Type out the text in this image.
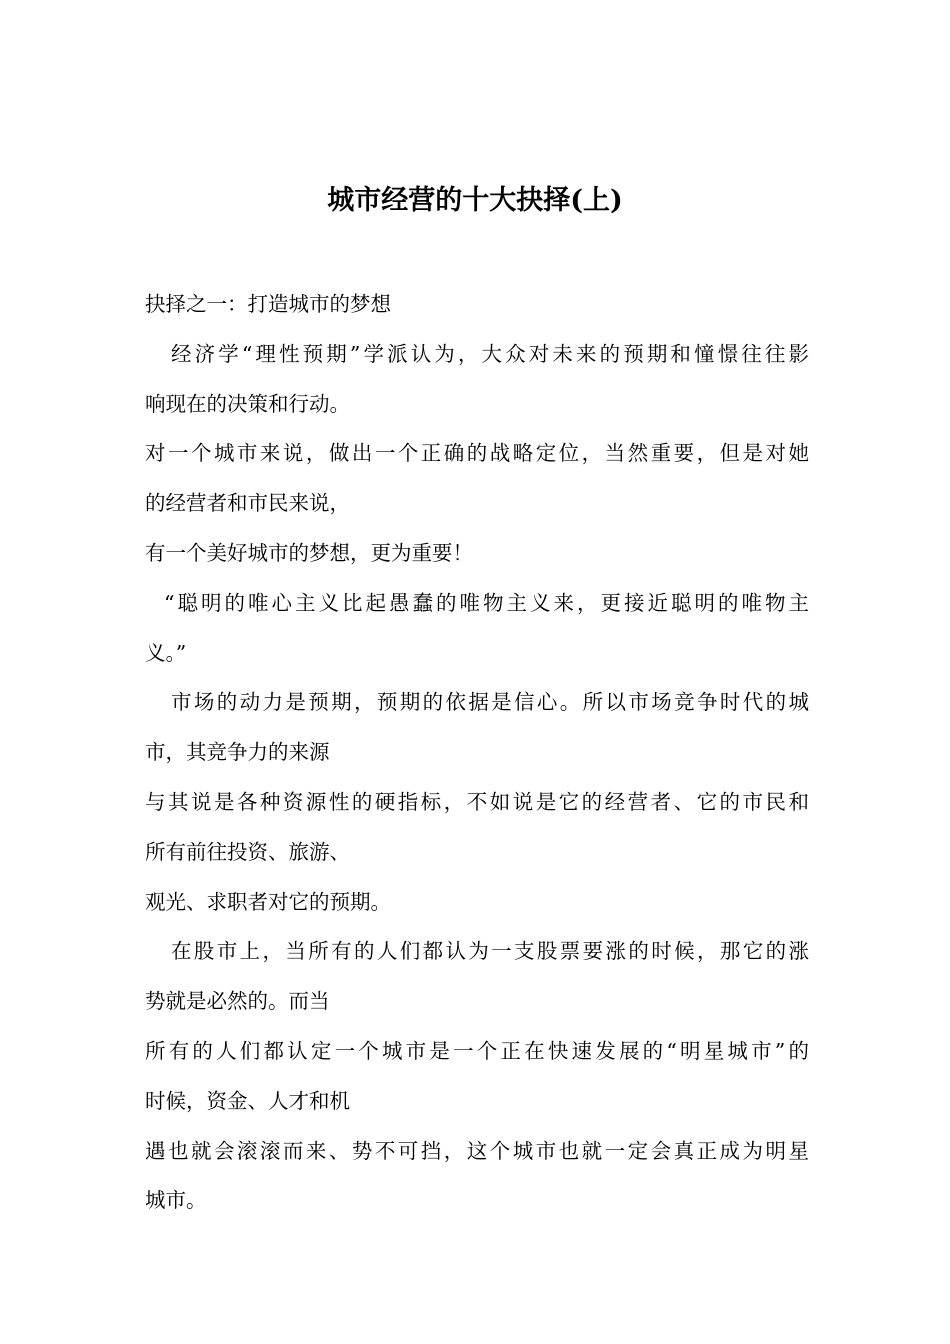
城市经营的十大抉择(上)
抉择之一：打造城市的梦想
经济学“理性预期”学派认为，大众对未来的预期和憧憬往往影
响现在的决策和行动。
对一个城市来说，做出一个正确的战略定位，当然重要，但是对她
的经营者和市民来说，
有一个美好城市的梦想，更为重要！
“聪明的唯心主义比起愚蠢的唯物主义来，更接近聪明的唯物主
义。”
市场的动力是预期，预期的依据是信心。所以市场竞争时代的城
市，其竞争力的来源
与其说是各种资源性的硬指标，不如说是它的经营者、它的市民和
所有前往投资、旅游、
观光、求职者对它的预期。
在股市上，当所有的人们都认为一支股票要涨的时候，那它的涨
势就是必然的。而当
所有的人们都认定一个城市是一个正在快速发展的“明星城市”的
时候，资金、人才和机
遇也就会滚滚而来、势不可挡，这个城市也就一定会真正成为明星
城市。
